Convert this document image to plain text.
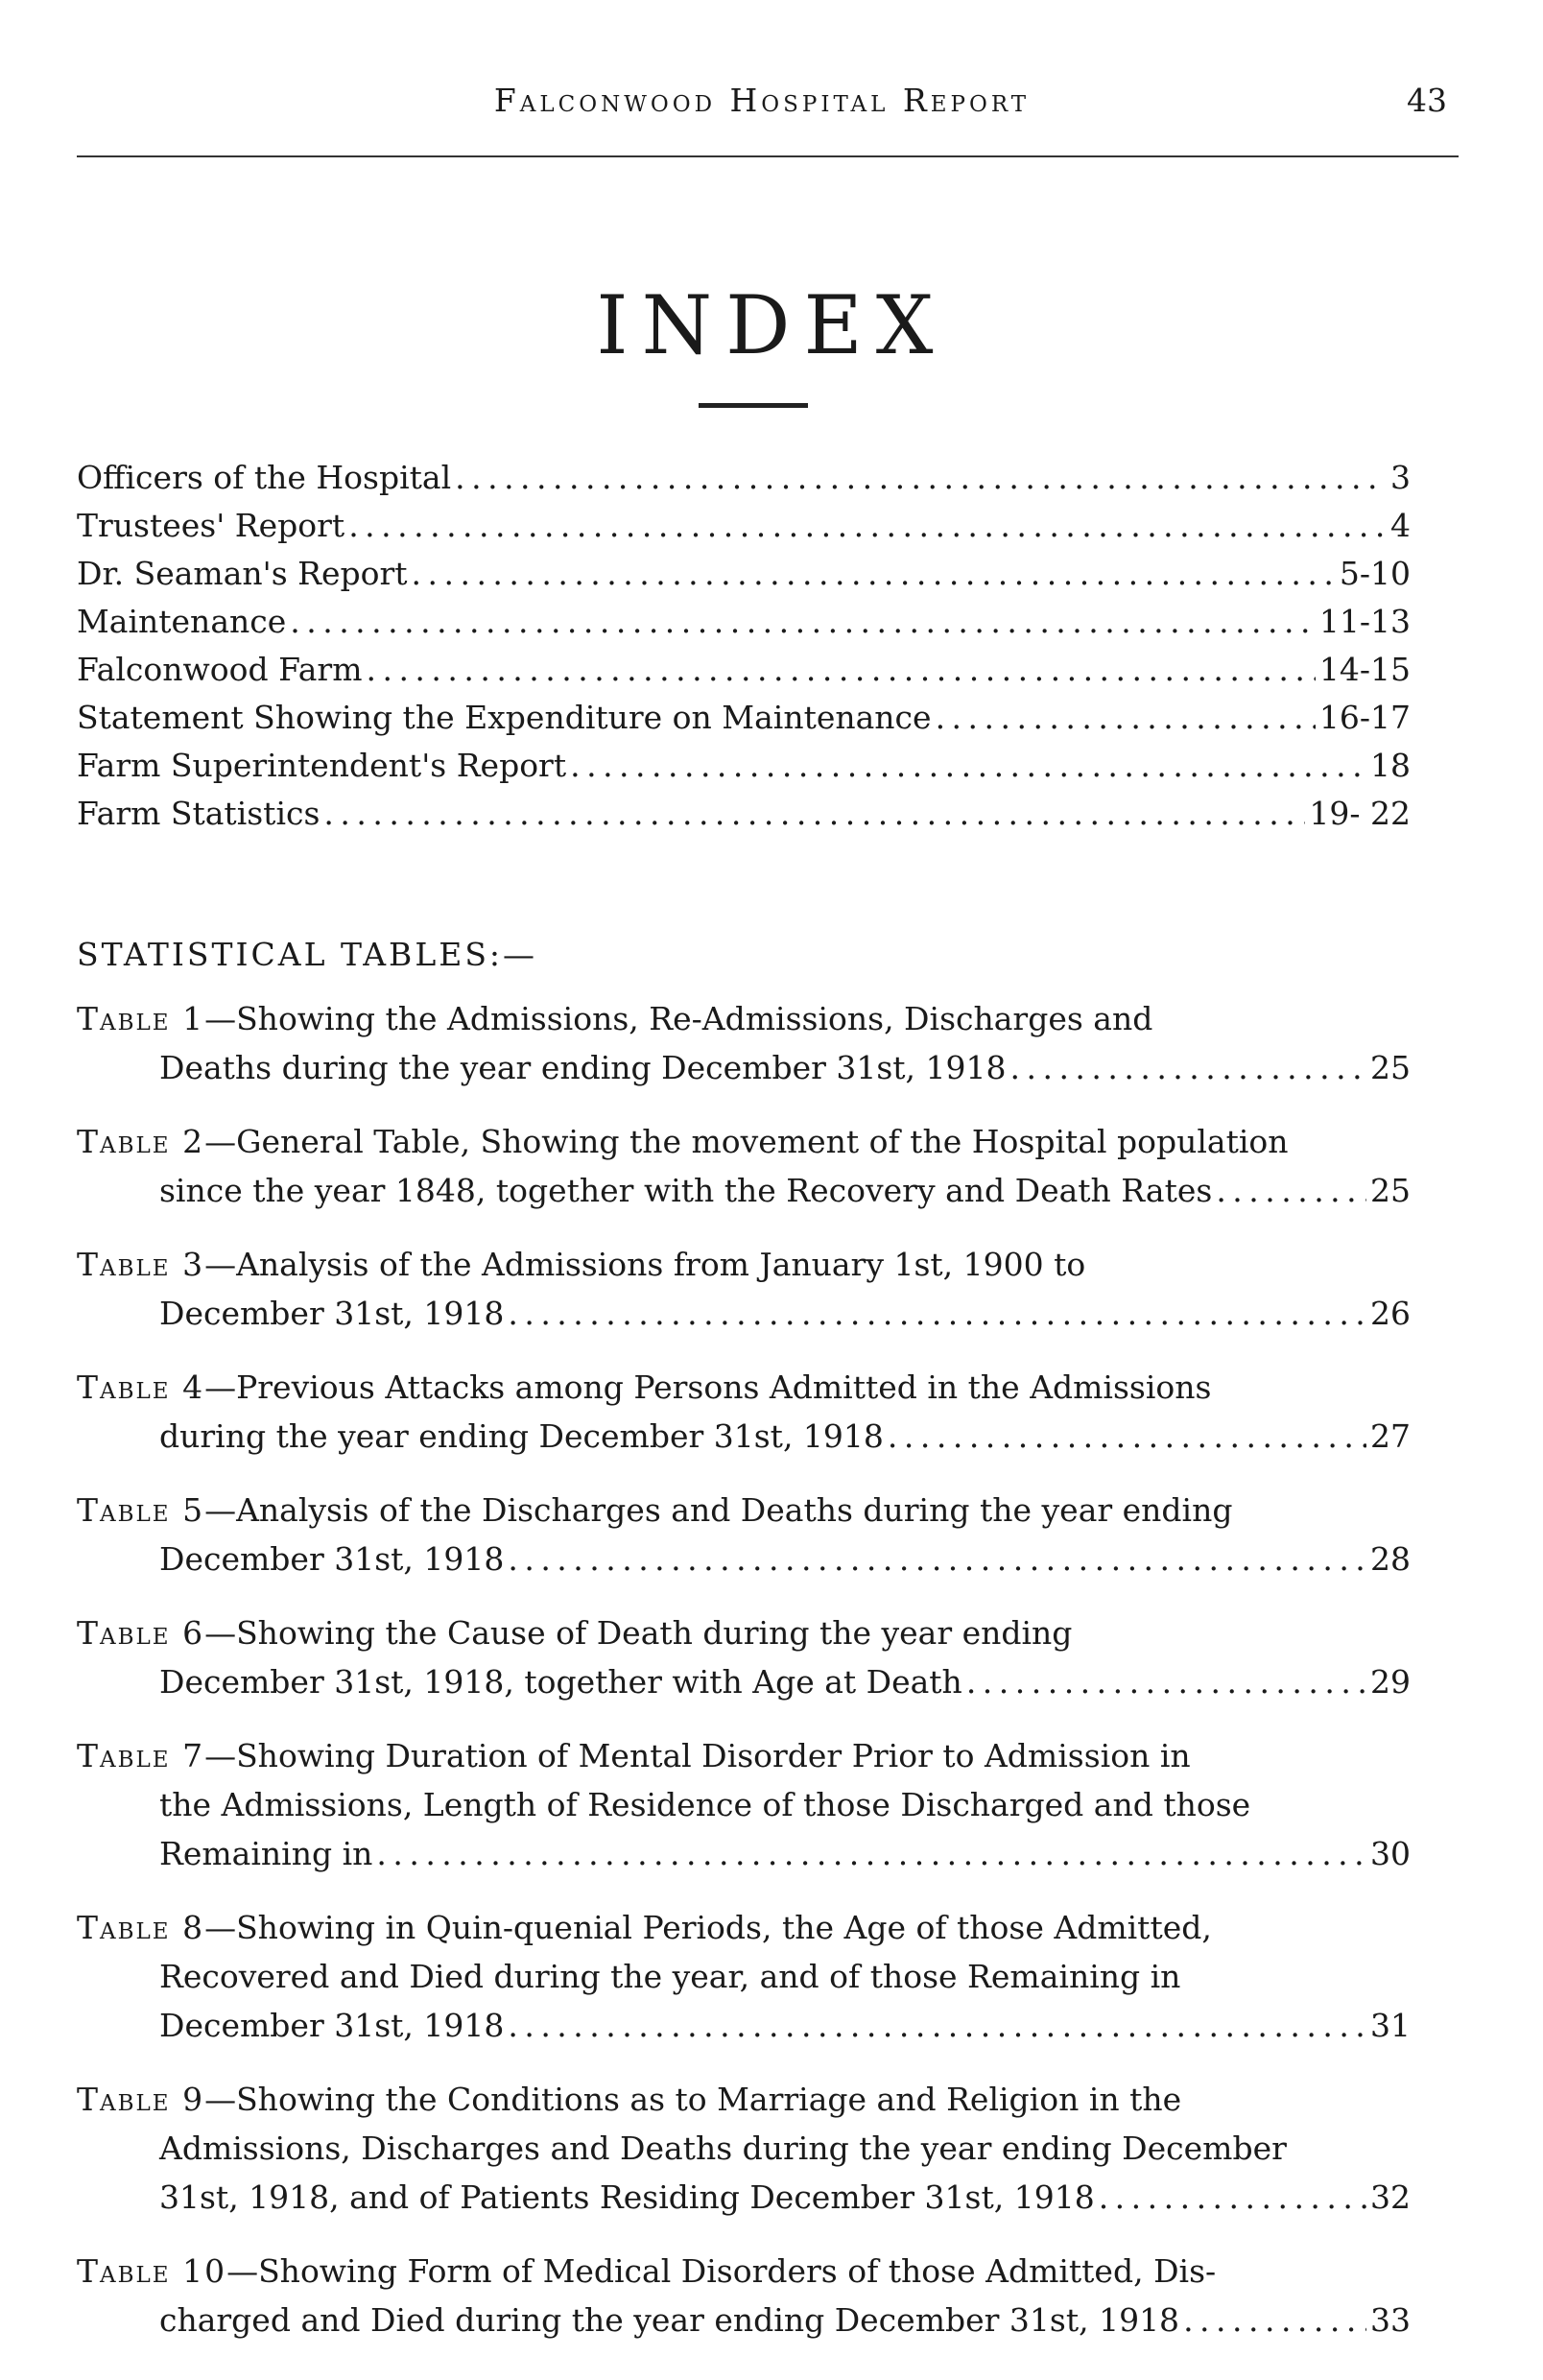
Falconwood Hospital Report	43
INDEX
Officers of the Hospital . . .	3
Trustees' Report . . .	4
Dr. Seaman's Report . . .	5-10
Maintenance . . .	11-13
Falconwood Farm . . .	14-15
Statement Showing the Expenditure on Maintenance . . .	16-17
Farm Superintendent's Report . . .	18
Farm Statistics . . .	19- 22
STATISTICAL TABLES:—
Table 1—Showing the Admissions, Re-Admissions, Discharges and
Deaths during the year ending December 31st, 1918 . . .	25
Table 2—General Table, Showing the movement of the Hospital population
since the year 1848, together with the Recovery and Death Rates . . .	25
Table 3—Analysis of the Admissions from January 1st, 1900 to
December 31st, 1918 . . .	26
Table 4—Previous Attacks among Persons Admitted in the Admissions
during the year ending December 31st, 1918 . . .	27
Table 5—Analysis of the Discharges and Deaths during the year ending
December 31st, 1918 . . .	28
Table 6—Showing the Cause of Death during the year ending
December 31st, 1918, together with Age at Death . . .	29
Table 7—Showing Duration of Mental Disorder Prior to Admission in
the Admissions, Length of Residence of those Discharged and those
Remaining in . . .	30
Table 8—Showing in Quin-quenial Periods, the Age of those Admitted,
Recovered and Died during the year, and of those Remaining in
December 31st, 1918 . . .	31
Table 9—Showing the Conditions as to Marriage and Religion in the
Admissions, Discharges and Deaths during the year ending December
31st, 1918, and of Patients Residing December 31st, 1918 . . .	32
Table 10—Showing Form of Medical Disorders of those Admitted, Dis-
charged and Died during the year ending December 31st, 1918 . . .	33
